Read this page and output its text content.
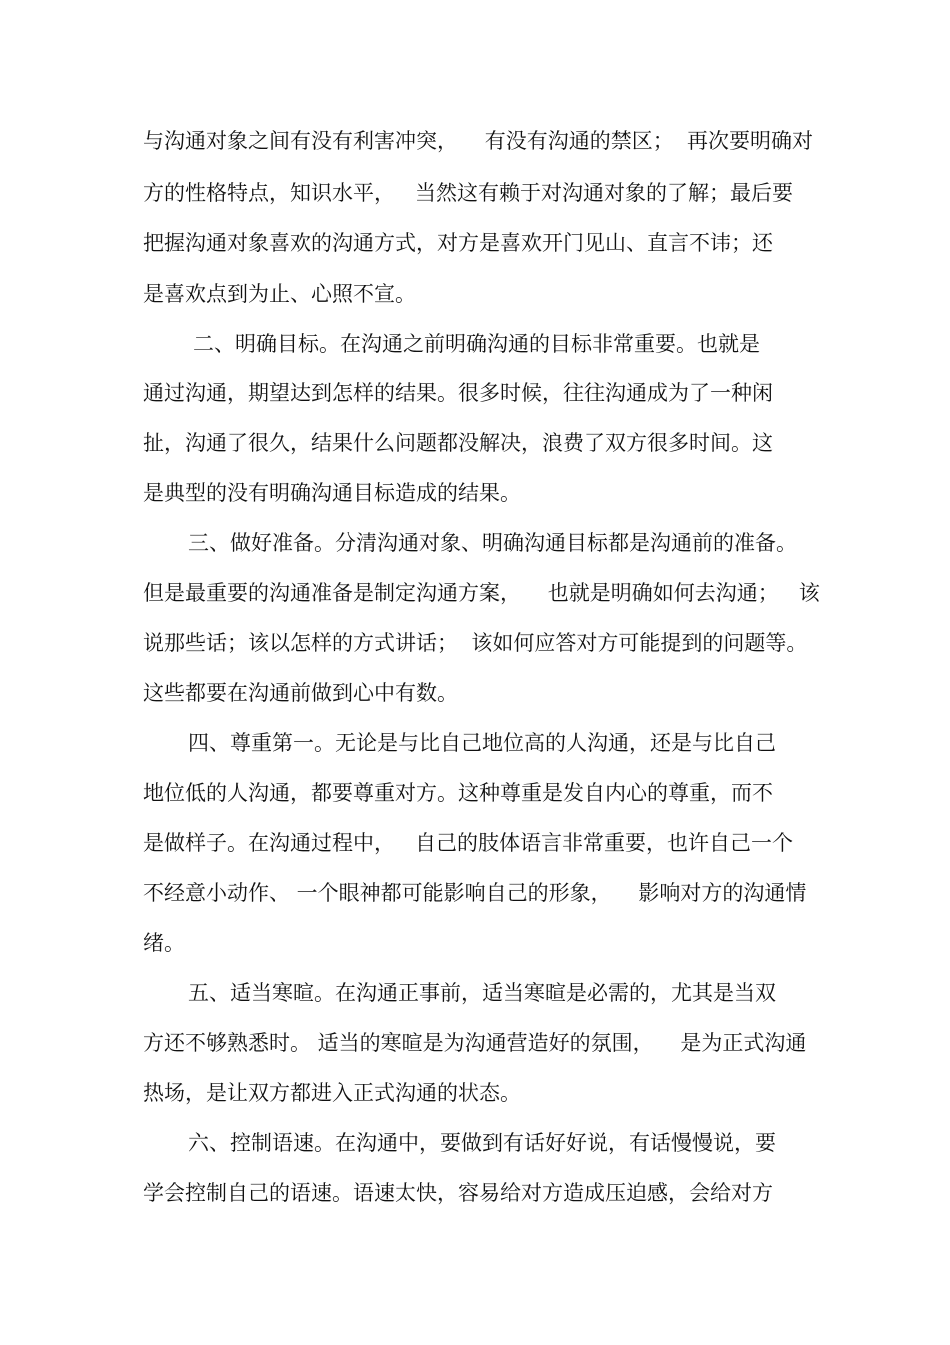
与沟通对象之间有没有利害冲突，    有没有沟通的禁区；  再次要明确对

方的性格特点，知识水平，   当然这有赖于对沟通对象的了解；最后要

把握沟通对象喜欢的沟通方式，对方是喜欢开门见山、直言不讳；还

是喜欢点到为止、心照不宣。

二、明确目标。在沟通之前明确沟通的目标非常重要。也就是

通过沟通，期望达到怎样的结果。很多时候，往往沟通成为了一种闲

扯，沟通了很久，结果什么问题都没解决，浪费了双方很多时间。这

是典型的没有明确沟通目标造成的结果。

三、做好准备。分清沟通对象、明确沟通目标都是沟通前的准备。

但是最重要的沟通准备是制定沟通方案，    也就是明确如何去沟通；   该

说那些话；该以怎样的方式讲话；  该如何应答对方可能提到的问题等。

这些都要在沟通前做到心中有数。

四、尊重第一。无论是与比自己地位高的人沟通，还是与比自己

地位低的人沟通，都要尊重对方。这种尊重是发自内心的尊重，而不

是做样子。在沟通过程中，   自己的肢体语言非常重要，也许自己一个

不经意小动作、 一个眼神都可能影响自己的形象，    影响对方的沟通情

绪。

五、适当寒暄。在沟通正事前，适当寒暄是必需的，尤其是当双

方还不够熟悉时。 适当的寒暄是为沟通营造好的氛围，    是为正式沟通

热场，是让双方都进入正式沟通的状态。

六、控制语速。在沟通中，要做到有话好好说，有话慢慢说，要

学会控制自己的语速。语速太快，容易给对方造成压迫感，会给对方
